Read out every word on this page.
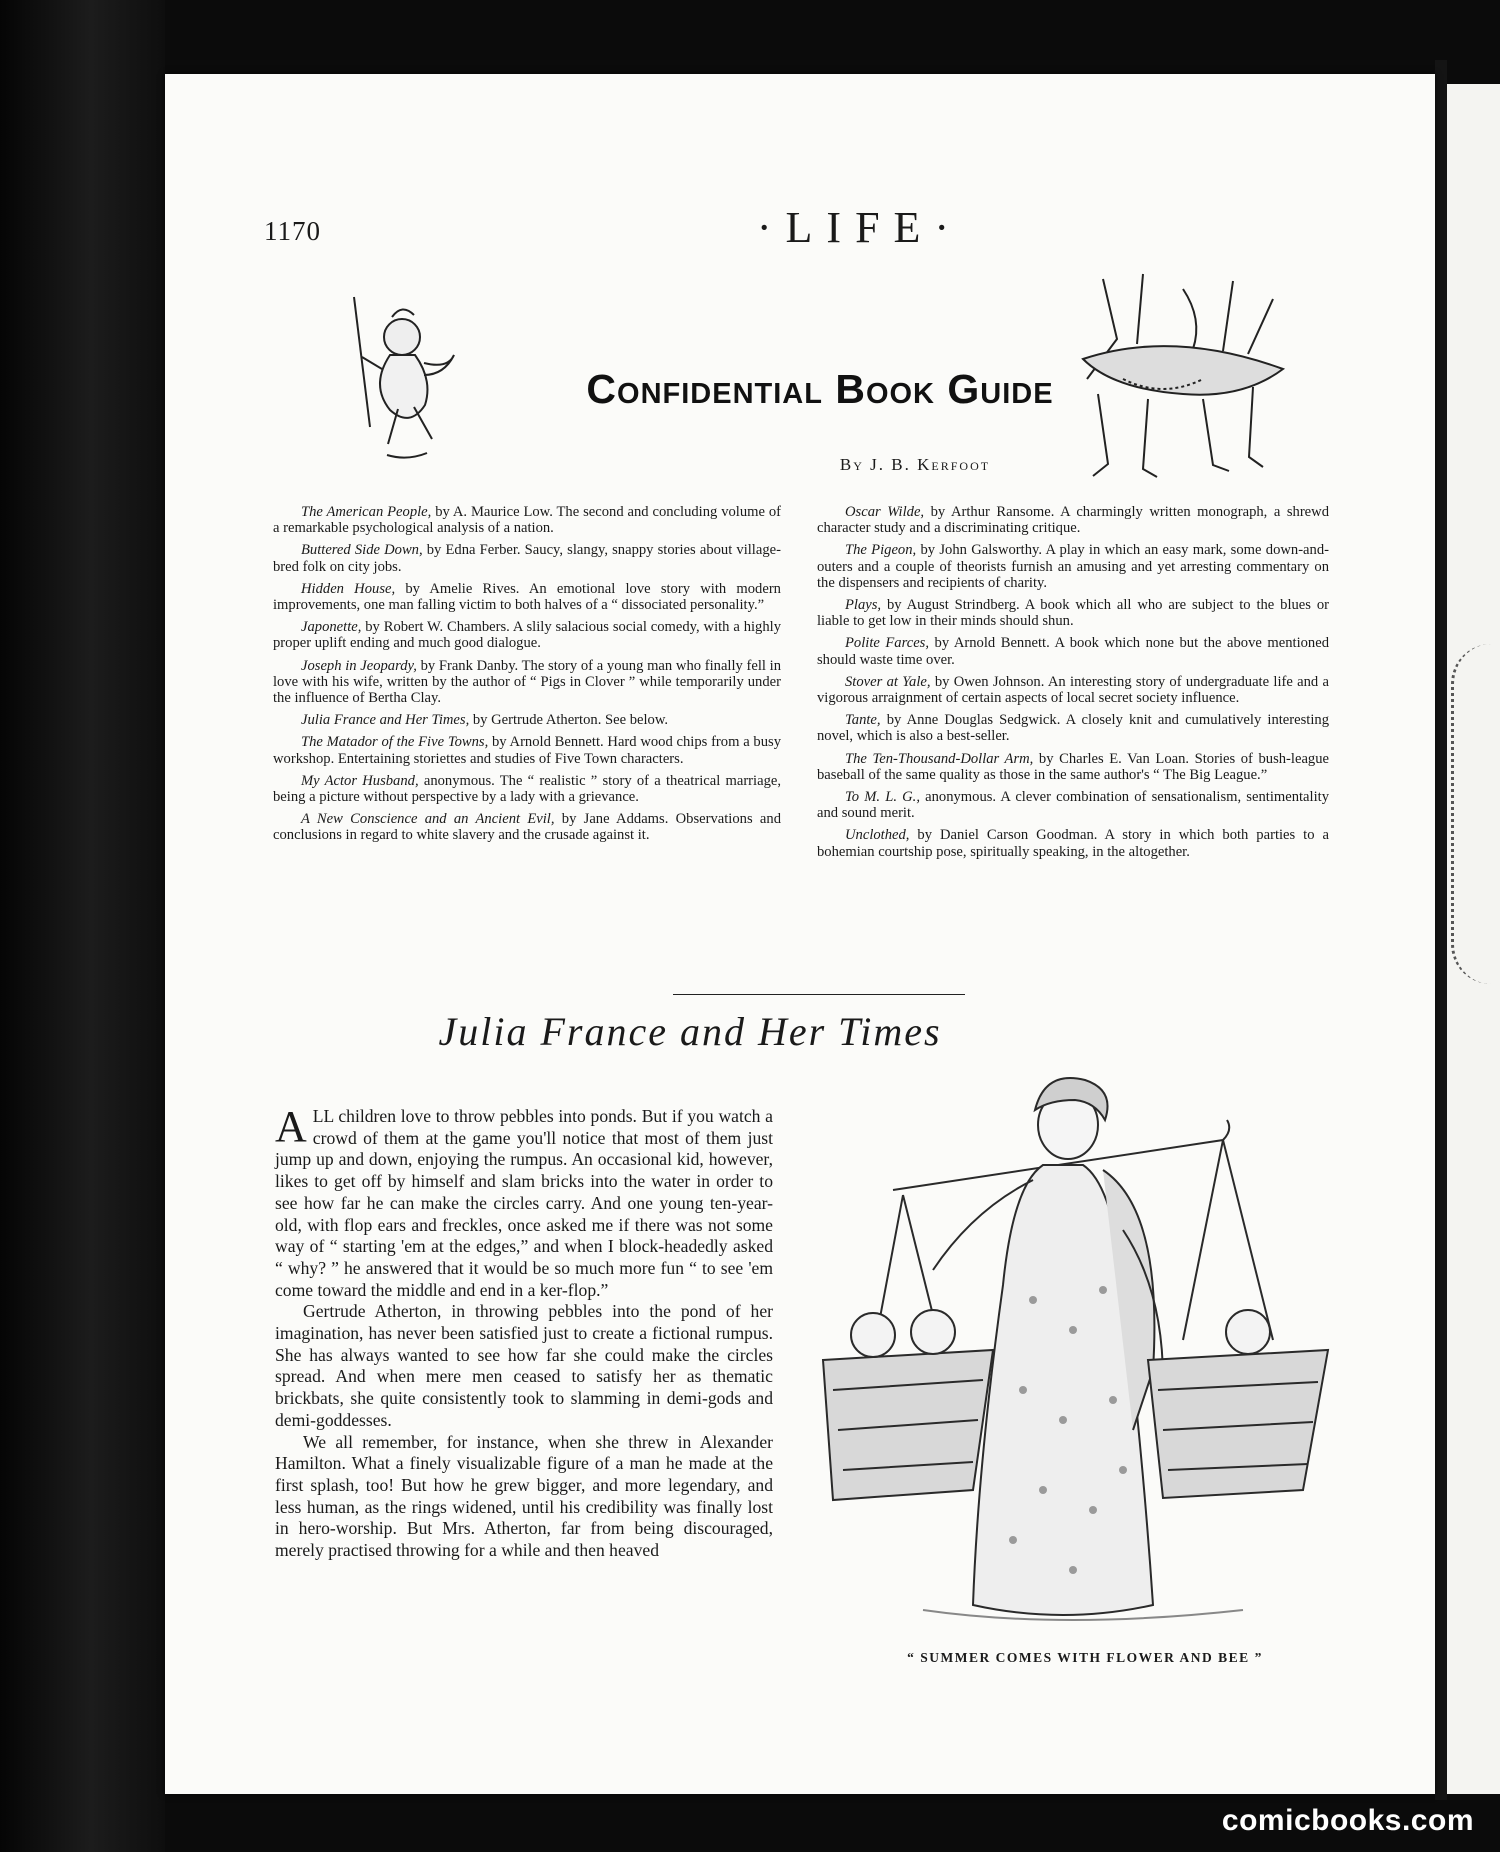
1170	·LIFE·
Confidential Book Guide
By J. B. Kerfoot

The American People, by A. Maurice Low. The second and concluding volume of a remarkable psychological analysis of a nation.

Buttered Side Down, by Edna Ferber. Saucy, slangy, snappy stories about village-bred folk on city jobs.

Hidden House, by Amelie Rives. An emotional love story with modern improvements, one man falling victim to both halves of a “ dissociated personality.”

Japonette, by Robert W. Chambers. A slily salacious social comedy, with a highly proper uplift ending and much good dialogue.

Joseph in Jeopardy, by Frank Danby. The story of a young man who finally fell in love with his wife, written by the author of “ Pigs in Clover ” while temporarily under the influence of Bertha Clay.

Julia France and Her Times, by Gertrude Atherton. See below.

The Matador of the Five Towns, by Arnold Bennett. Hard wood chips from a busy workshop. Entertaining storiettes and studies of Five Town characters.

My Actor Husband, anonymous. The “ realistic ” story of a theatrical marriage, being a picture without perspective by a lady with a grievance.

A New Conscience and an Ancient Evil, by Jane Addams. Observations and conclusions in regard to white slavery and the crusade against it.

Oscar Wilde, by Arthur Ransome. A charmingly written monograph, a shrewd character study and a discriminating critique.

The Pigeon, by John Galsworthy. A play in which an easy mark, some down-and-outers and a couple of theorists furnish an amusing and yet arresting commentary on the dispensers and recipients of charity.

Plays, by August Strindberg. A book which all who are subject to the blues or liable to get low in their minds should shun.

Polite Farces, by Arnold Bennett. A book which none but the above mentioned should waste time over.

Stover at Yale, by Owen Johnson. An interesting story of undergraduate life and a vigorous arraignment of certain aspects of local secret society influence.

Tante, by Anne Douglas Sedgwick. A closely knit and cumulatively interesting novel, which is also a best-seller.

The Ten-Thousand-Dollar Arm, by Charles E. Van Loan. Stories of bush-league baseball of the same quality as those in the same author's “ The Big League.”

To M. L. G., anonymous. A clever combination of sensationalism, sentimentality and sound merit.

Unclothed, by Daniel Carson Goodman. A story in which both parties to a bohemian courtship pose, spiritually speaking, in the altogether.

Julia France and Her Times

ALL children love to throw pebbles into ponds. But if you watch a crowd of them at the game you'll notice that most of them just jump up and down, enjoying the rumpus. An occasional kid, however, likes to get off by himself and slam bricks into the water in order to see how far he can make the circles carry. And one young ten-year-old, with flop ears and freckles, once asked me if there was not some way of “ starting 'em at the edges,” and when I block-headedly asked “ why? ” he answered that it would be so much more fun “ to see 'em come toward the middle and end in a ker-flop.”

Gertrude Atherton, in throwing pebbles into the pond of her imagination, has never been satisfied just to create a fictional rumpus. She has always wanted to see how far she could make the circles spread. And when mere men ceased to satisfy her as thematic brickbats, she quite consistently took to slamming in demi-gods and demi-goddesses.

We all remember, for instance, when she threw in Alexander Hamilton. What a finely visualizable figure of a man he made at the first splash, too! But how he grew bigger, and more legendary, and less human, as the rings widened, until his credibility was finally lost in hero-worship. But Mrs. Atherton, far from being discouraged, merely practised throwing for a while and then heaved

“ SUMMER COMES WITH FLOWER AND BEE ”
comicbooks.com
